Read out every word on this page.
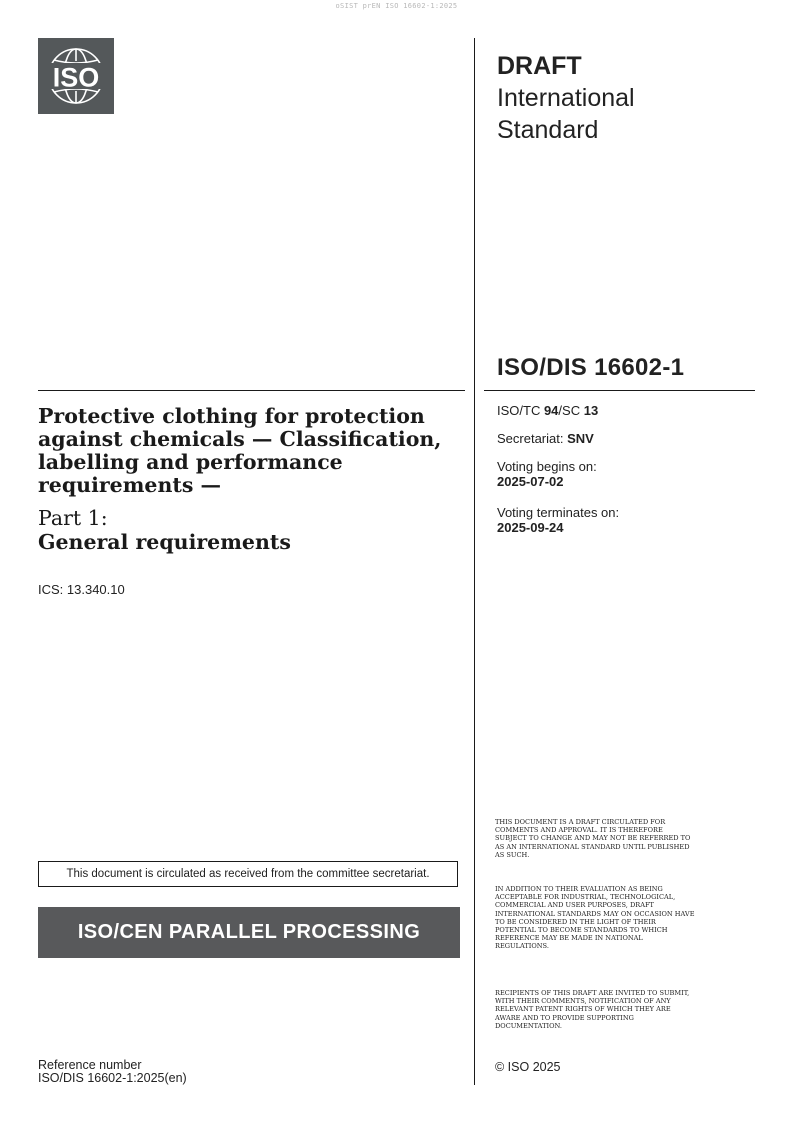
oSIST prEN ISO 16602-1:2025
ISO	DRAFT
International
Standard
ISO/DIS 16602-1
ISO/TC 94/SC 13
Secretariat: SNV
Voting begins on:
2025-07-02
Voting terminates on:
2025-09-24
Protective clothing for protection against chemicals — Classification, labelling and performance requirements —
Part 1:
General requirements
ICS: 13.340.10
This document is circulated as received from the committee secretariat.
ISO/CEN PARALLEL PROCESSING
Reference number
ISO/DIS 16602-1:2025(en)
THIS DOCUMENT IS A DRAFT CIRCULATED FOR COMMENTS AND APPROVAL. IT IS THEREFORE SUBJECT TO CHANGE AND MAY NOT BE REFERRED TO AS AN INTERNATIONAL STANDARD UNTIL PUBLISHED AS SUCH.
IN ADDITION TO THEIR EVALUATION AS BEING ACCEPTABLE FOR INDUSTRIAL, TECHNOLOGICAL, COMMERCIAL AND USER PURPOSES, DRAFT INTERNATIONAL STANDARDS MAY ON OCCASION HAVE TO BE CONSIDERED IN THE LIGHT OF THEIR POTENTIAL TO BECOME STANDARDS TO WHICH REFERENCE MAY BE MADE IN NATIONAL REGULATIONS.
RECIPIENTS OF THIS DRAFT ARE INVITED TO SUBMIT, WITH THEIR COMMENTS, NOTIFICATION OF ANY RELEVANT PATENT RIGHTS OF WHICH THEY ARE AWARE AND TO PROVIDE SUPPORTING DOCUMENTATION.
© ISO 2025
